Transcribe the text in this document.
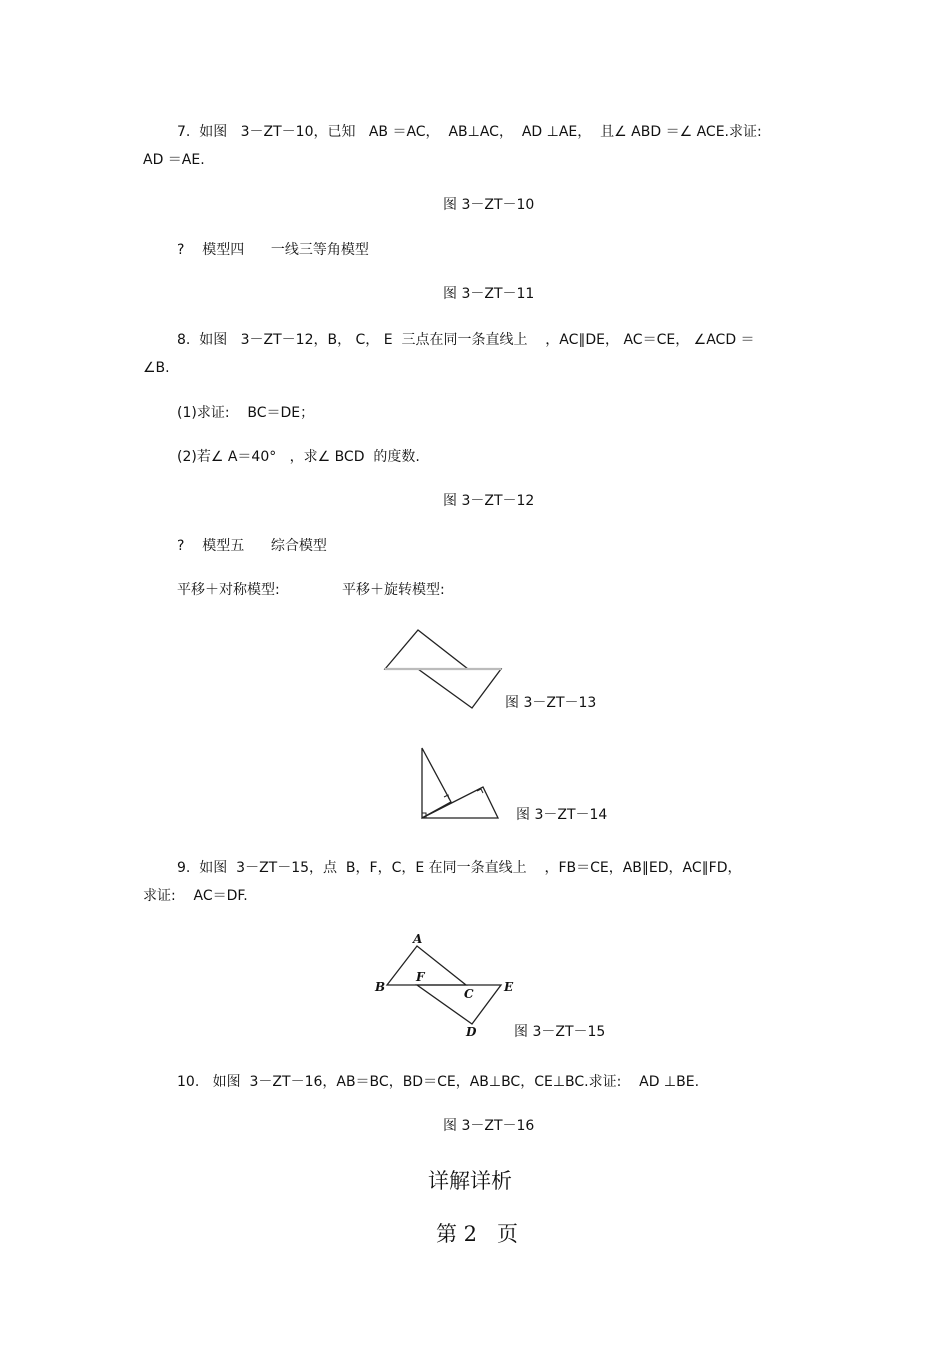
7.  如图   3－ZT－10，已知   AB ＝AC，  AB⊥AC，  AD ⊥AE，  且∠ ABD ＝∠ ACE.求证:
AD ＝AE.
图 3－ZT－10
?    模型四      一线三等角模型
图 3－ZT－11
8.  如图   3－ZT－12，B， C， E  三点在同一条直线上    ，AC∥DE， AC＝CE， ∠ACD ＝
∠B.
(1)求证:    BC＝DE；
(2)若∠ A＝40°   ，求∠ BCD  的度数.
图 3－ZT－12
?    模型五      综合模型
平移＋对称模型:              平移＋旋转模型:
图 3－ZT－13
图 3－ZT－14
9.  如图  3－ZT－15，点  B，F，C，E 在同一条直线上    ，FB＝CE，AB∥ED，AC∥FD，
求证:    AC＝DF.
A
B
F
C	E
D	图 3－ZT－15
10.   如图  3－ZT－16，AB＝BC，BD＝CE，AB⊥BC，CE⊥BC.求证:    AD ⊥BE.
图 3－ZT－16
详解详析
第 2   页
